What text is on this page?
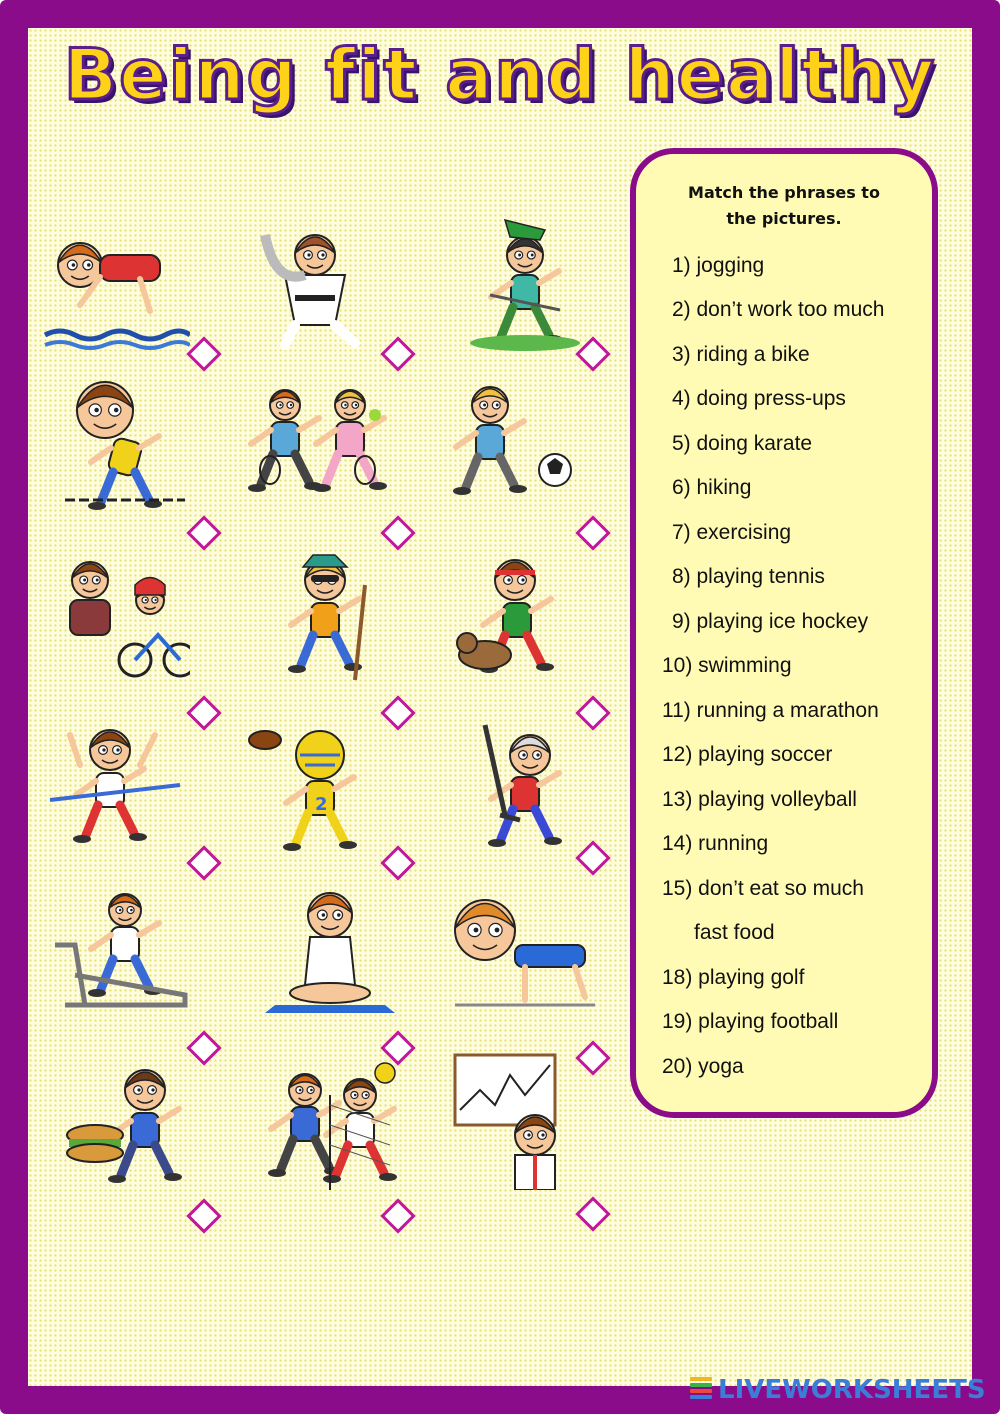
Being fit and healthy
2
Match the phrases to
the pictures.
1) jogging
2) don’t work too much
3) riding a bike
4) doing press-ups
5) doing karate
6) hiking
7) exercising
8) playing tennis
9) playing ice hockey
10) swimming
11) running a marathon
12) playing soccer
13) playing volleyball
14) running
15) don’t eat so much
fast food
18) playing golf
19) playing football
20) yoga
LIVEWORKSHEETS
